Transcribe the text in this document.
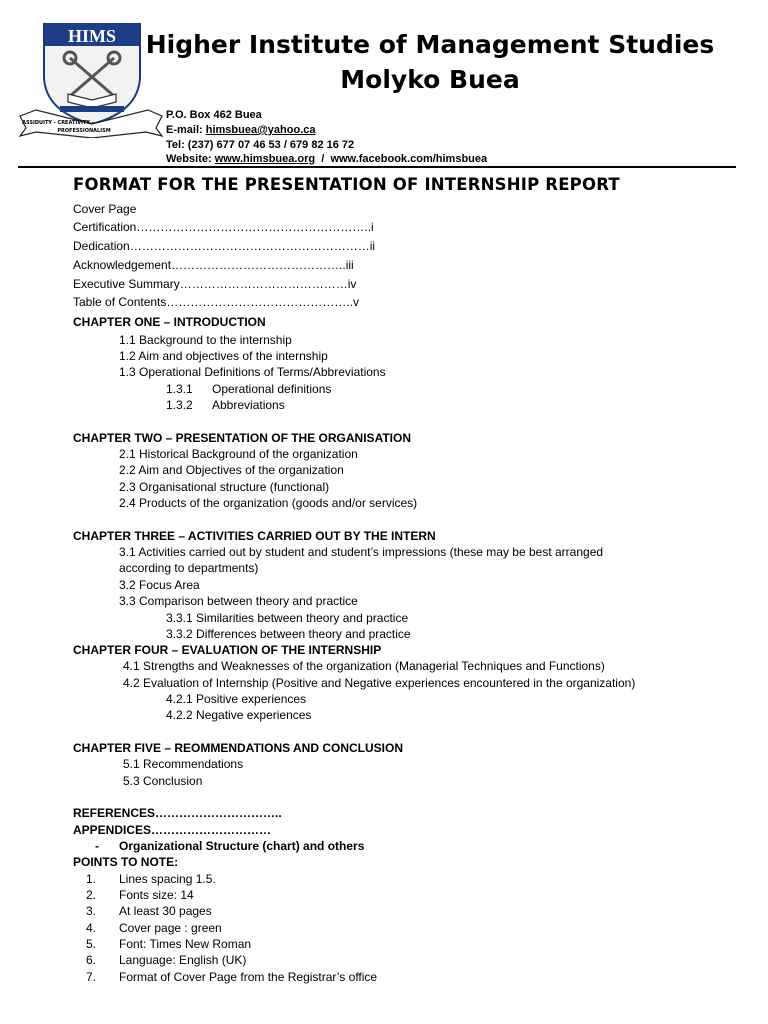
HIMS
ASSIDUITY - CREATIVITY -
PROFESSIONALISM
Higher Institute of Management Studies
Molyko Buea
P.O. Box 462 Buea
E-mail: himsbuea@yahoo.ca
Tel: (237) 677 07 46 53 / 679 82 16 72
Website: www.himsbuea.org  /  www.facebook.com/himsbuea
FORMAT FOR THE PRESENTATION OF INTERNSHIP REPORT
Cover Page
Certification…………………………………………………..i
Dedication……………………………………………………ii
Acknowledgement……………………………………..iii
Executive Summary……………………………………iv
Table of Contents………………………………………..v
CHAPTER ONE – INTRODUCTION
1.1 Background to the internship
1.2 Aim and objectives of the internship
1.3 Operational Definitions of Terms/Abbreviations
1.3.1 Operational definitions
1.3.2 Abbreviations
CHAPTER TWO – PRESENTATION OF THE ORGANISATION
2.1 Historical Background of the organization
2.2 Aim and Objectives of the organization
2.3 Organisational structure (functional)
2.4 Products of the organization (goods and/or services)
CHAPTER THREE – ACTIVITIES CARRIED OUT BY THE INTERN
3.1 Activities carried out by student and student’s impressions (these may be best arranged
according to departments)
3.2 Focus Area
3.3 Comparison between theory and practice
3.3.1 Similarities between theory and practice
3.3.2 Differences between theory and practice
CHAPTER FOUR – EVALUATION OF THE INTERNSHIP
4.1 Strengths and Weaknesses of the organization (Managerial Techniques and Functions)
4.2 Evaluation of Internship (Positive and Negative experiences encountered in the organization)
4.2.1 Positive experiences
4.2.2 Negative experiences
CHAPTER FIVE – REOMMENDATIONS AND CONCLUSION
5.1 Recommendations
5.3 Conclusion
REFERENCES…………………………..
APPENDICES…………………………
- Organizational Structure (chart) and others
POINTS TO NOTE:
1. Lines spacing 1.5.
2. Fonts size: 14
3. At least 30 pages
4. Cover page : green
5. Font: Times New Roman
6. Language: English (UK)
7. Format of Cover Page from the Registrar’s office
